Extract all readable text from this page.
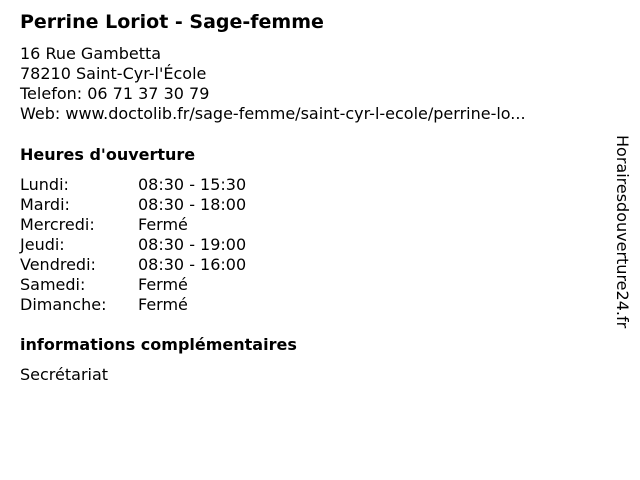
Perrine Loriot - Sage-femme
16 Rue Gambetta
78210 Saint-Cyr-l'École
Telefon: 06 71 37 30 79
Web: www.doctolib.fr/sage-femme/saint-cyr-l-ecole/perrine-lo...
Heures d'ouverture
Lundi:	08:30 - 15:30
Mardi:	08:30 - 18:00
Mercredi:	Fermé
Jeudi:	08:30 - 19:00
Vendredi:	08:30 - 16:00
Samedi:	Fermé
Dimanche:	Fermé
informations complémentaires
Secrétariat
Horairesdouverture24.fr
